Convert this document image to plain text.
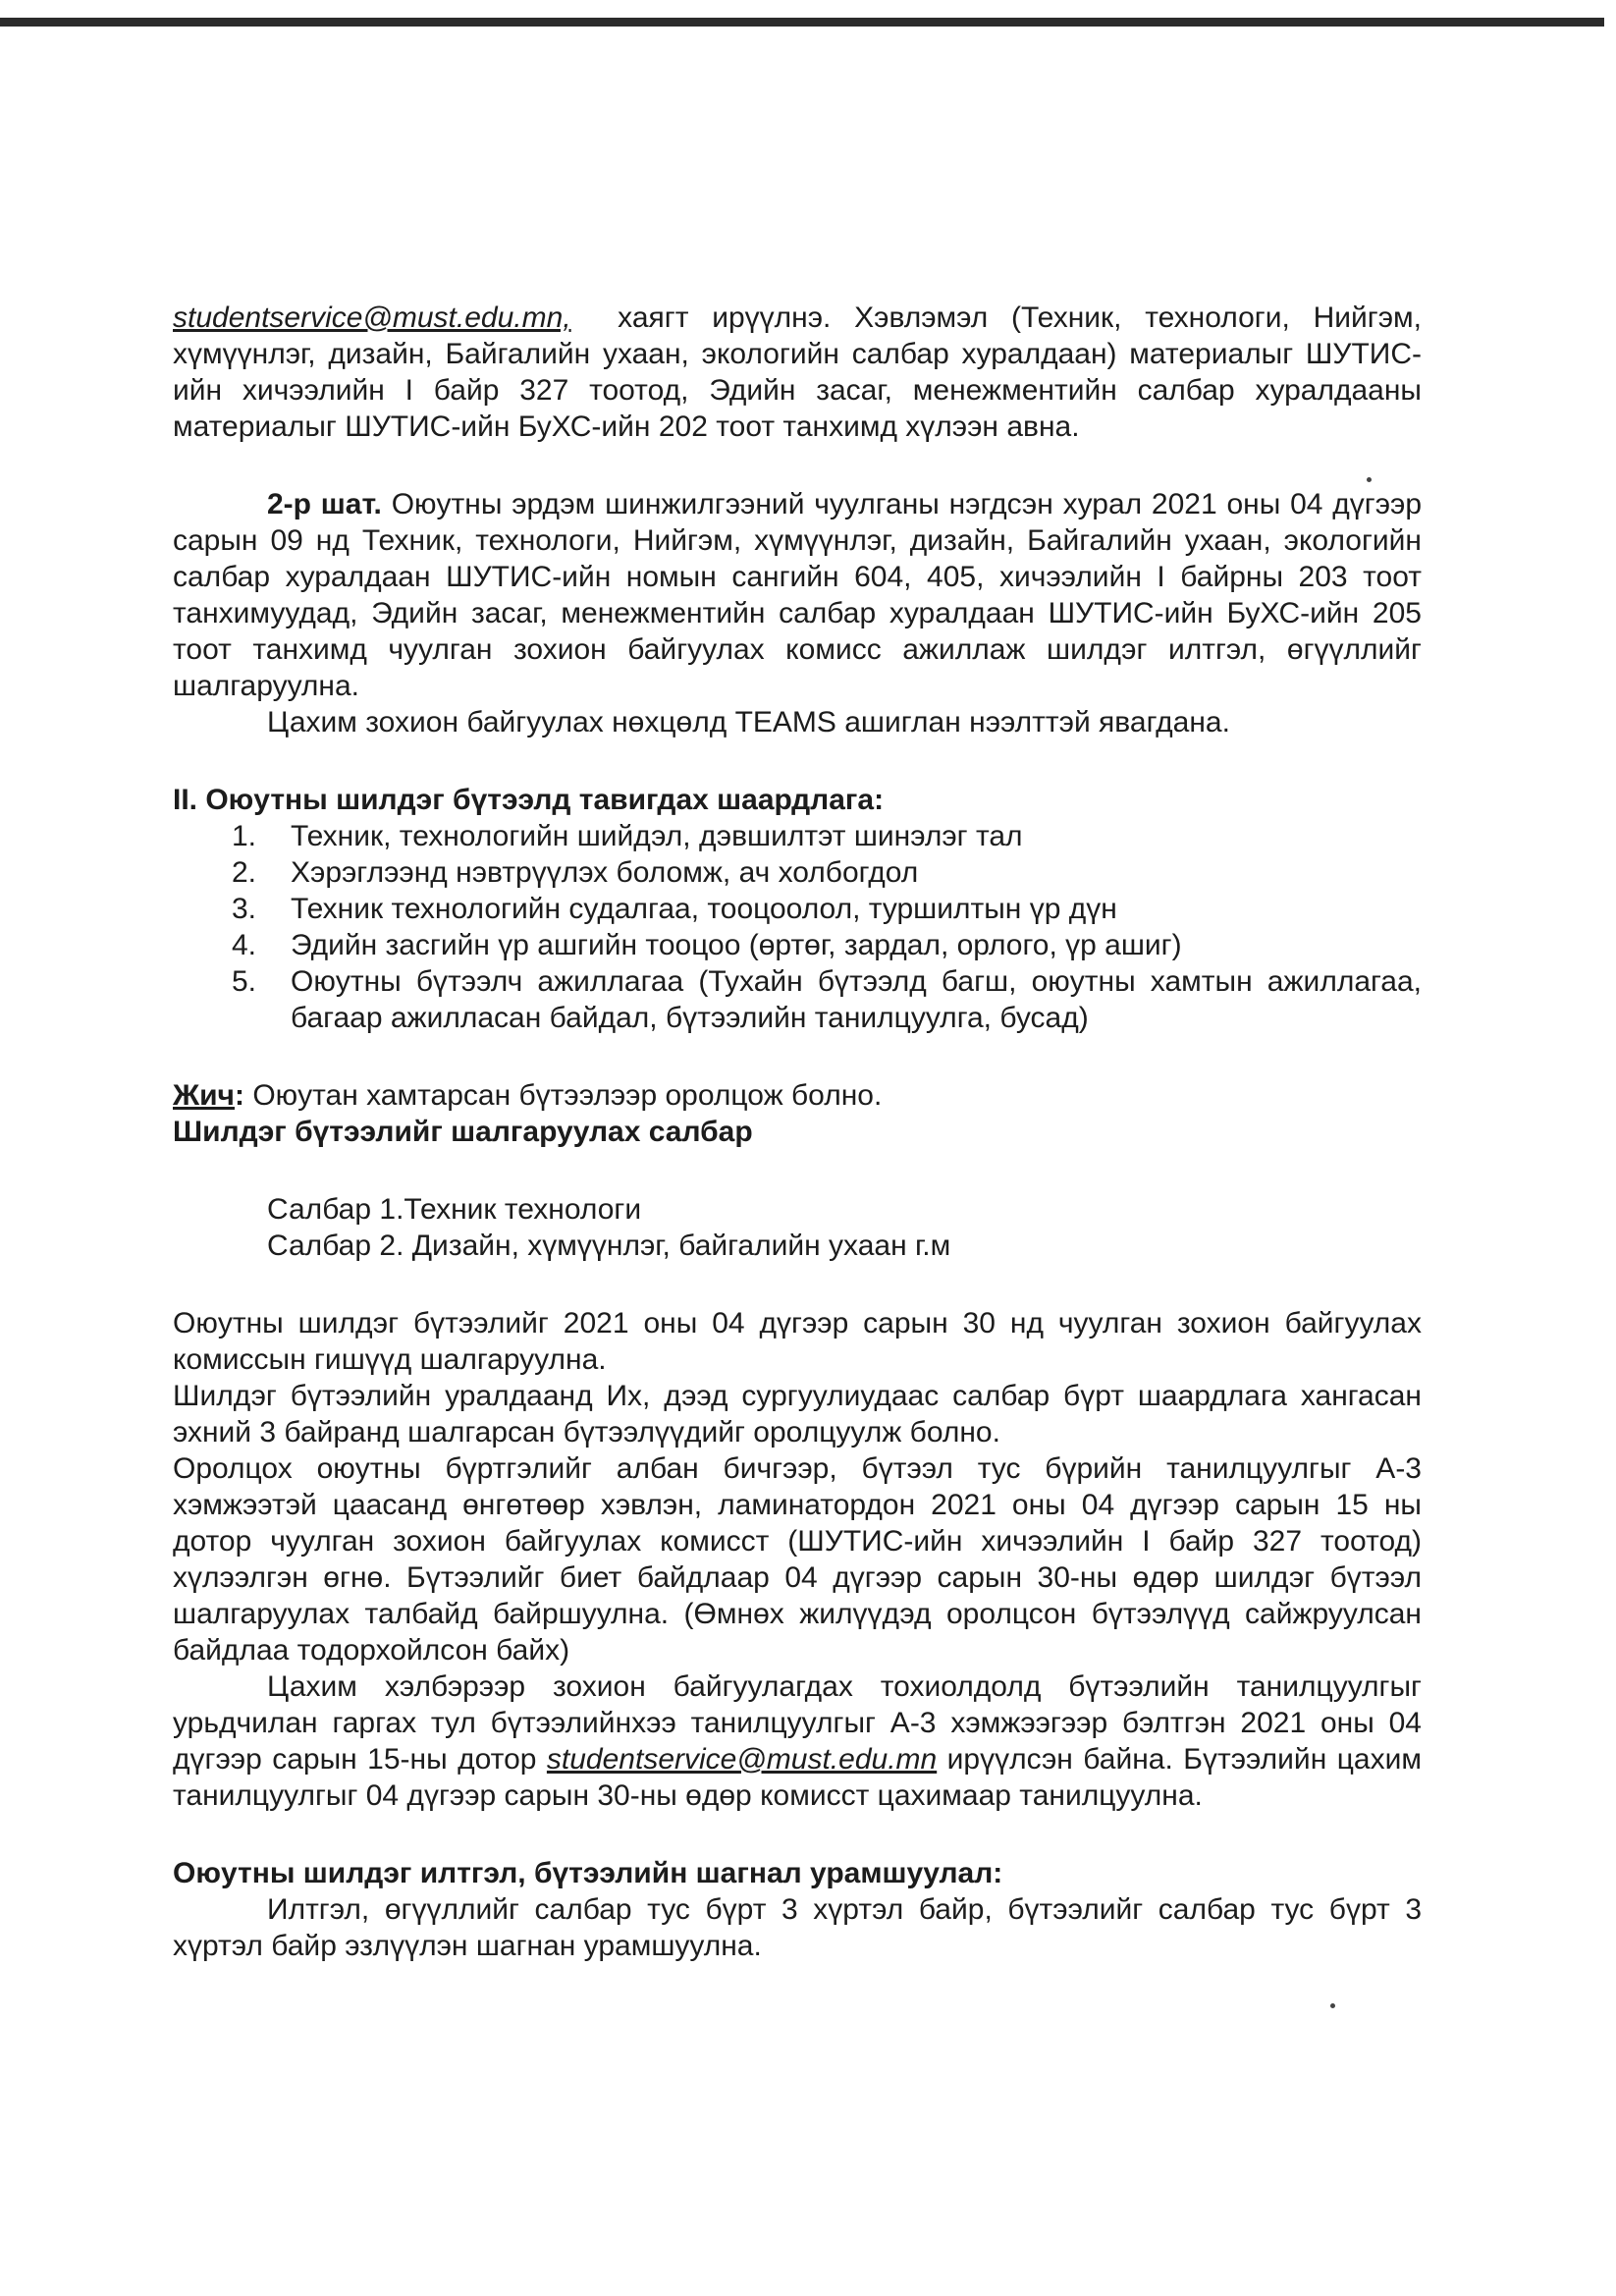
studentservice@must.edu.mn, хаягт ирүүлнэ. Хэвлэмэл (Техник, технологи, Нийгэм, хүмүүнлэг, дизайн, Байгалийн ухаан, экологийн салбар хуралдаан) материалыг ШУТИС-ийн хичээлийн I байр 327 тоотод, Эдийн засаг, менежментийн салбар хуралдааны материалыг ШУТИС-ийн БуХС-ийн 202 тоот танхимд хүлээн авна.

2-р шат. Оюутны эрдэм шинжилгээний чуулганы нэгдсэн хурал 2021 оны 04 дүгээр сарын 09 нд Техник, технологи, Нийгэм, хүмүүнлэг, дизайн, Байгалийн ухаан, экологийн салбар хуралдаан ШУТИС-ийн номын сангийн 604, 405, хичээлийн I байрны 203 тоот танхимуудад, Эдийн засаг, менежментийн салбар хуралдаан ШУТИС-ийн БуХС-ийн 205 тоот танхимд чуулган зохион байгуулах комисс ажиллаж шилдэг илтгэл, өгүүллийг шалгаруулна.

Цахим зохион байгуулах нөхцөлд TEAMS ашиглан нээлттэй явагдана.

II. Оюутны шилдэг бүтээлд тавигдах шаардлага:

1.	Техник, технологийн шийдэл, дэвшилтэт шинэлэг тал
2.	Хэрэглээнд нэвтрүүлэх боломж, ач холбогдол
3.	Техник технологийн судалгаа, тооцоолол, туршилтын үр дүн
4.	Эдийн засгийн үр ашгийн тооцоо (өртөг, зардал, орлого, үр ашиг)
5.	Оюутны бүтээлч ажиллагаа (Тухайн бүтээлд багш, оюутны хамтын ажиллагаа, багаар ажилласан байдал, бүтээлийн танилцуулга, бусад)

Жич: Оюутан хамтарсан бүтээлээр оролцож болно.

Шилдэг бүтээлийг шалгаруулах салбар

Салбар 1.Техник технологи

Салбар 2. Дизайн, хүмүүнлэг, байгалийн ухаан г.м

Оюутны шилдэг бүтээлийг 2021 оны 04 дүгээр сарын 30 нд чуулган зохион байгуулах комиссын гишүүд шалгаруулна.

Шилдэг бүтээлийн уралдаанд Их, дээд сургуулиудаас салбар бүрт шаардлага хангасан эхний 3 байранд шалгарсан бүтээлүүдийг оролцуулж болно.

Оролцох оюутны бүртгэлийг албан бичгээр, бүтээл тус бүрийн танилцуулгыг А-3 хэмжээтэй цаасанд өнгөтөөр хэвлэн, ламинатордон 2021 оны 04 дүгээр сарын 15 ны дотор чуулган зохион байгуулах комисст (ШУТИС-ийн хичээлийн I байр 327 тоотод) хүлээлгэн өгнө. Бүтээлийг биет байдлаар 04 дүгээр сарын 30-ны өдөр шилдэг бүтээл шалгаруулах талбайд байршуулна. (Өмнөх жилүүдэд оролцсон бүтээлүүд сайжруулсан байдлаа тодорхойлсон байх)

Цахим хэлбэрээр зохион байгуулагдах тохиолдолд бүтээлийн танилцуулгыг урьдчилан гаргах тул бүтээлийнхээ танилцуулгыг А-3 хэмжээгээр бэлтгэн 2021 оны 04 дүгээр сарын 15-ны дотор studentservice@must.edu.mn ирүүлсэн байна. Бүтээлийн цахим танилцуулгыг 04 дүгээр сарын 30-ны өдөр комисст цахимаар танилцуулна.

Оюутны шилдэг илтгэл, бүтээлийн шагнал урамшуулал:

Илтгэл, өгүүллийг салбар тус бүрт 3 хүртэл байр, бүтээлийг салбар тус бүрт 3 хүртэл байр эзлүүлэн шагнан урамшуулна.
